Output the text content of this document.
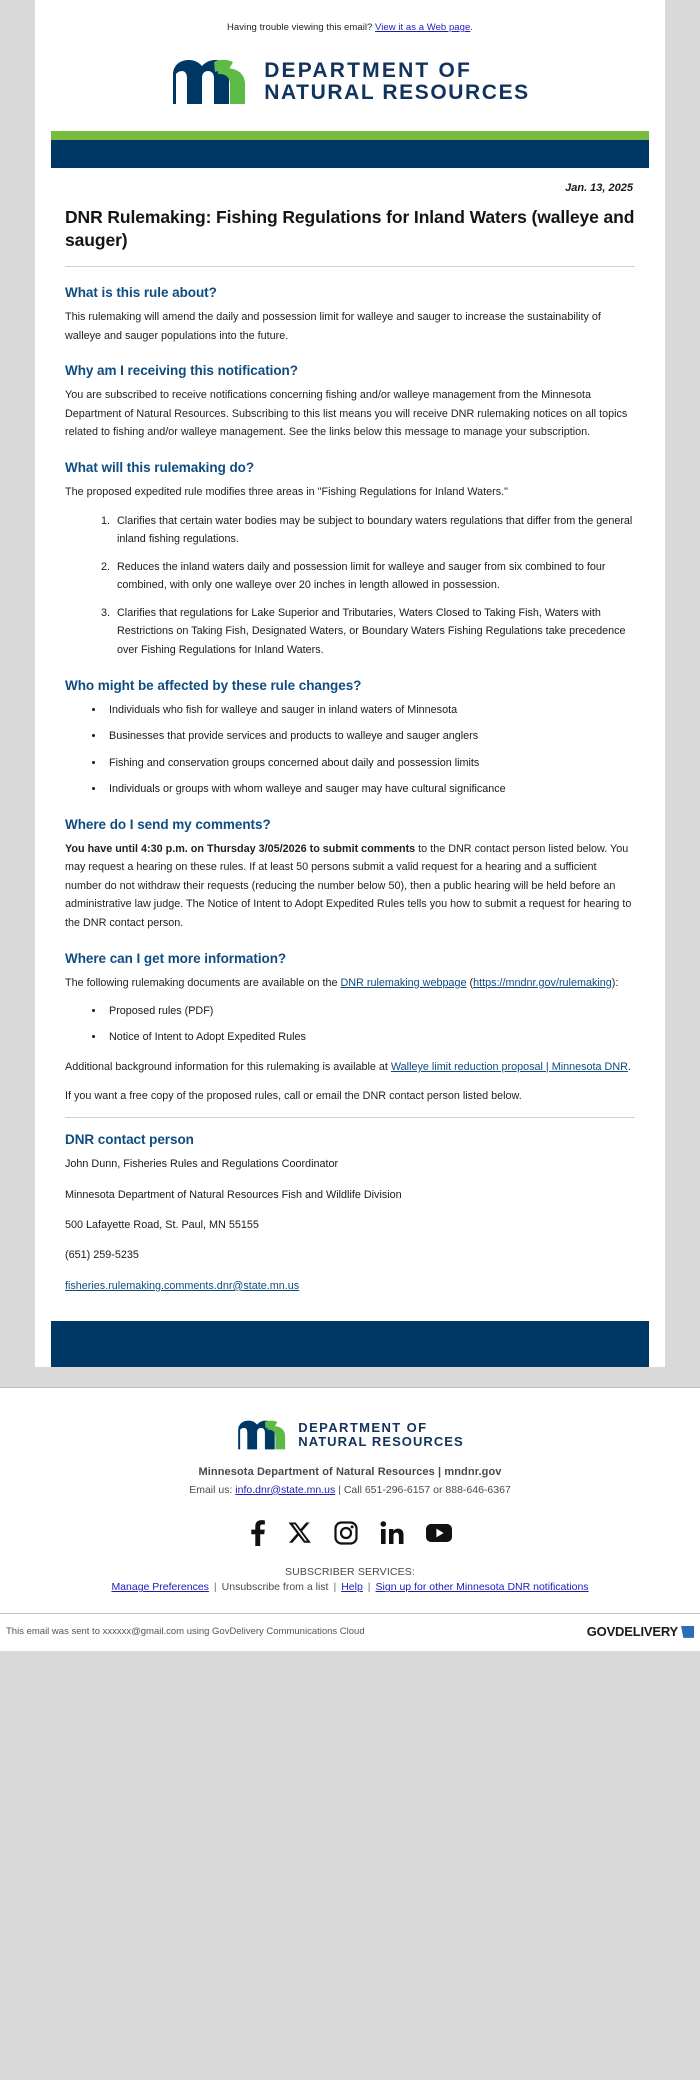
Having trouble viewing this email? View it as a Web page.
DEPARTMENT OF
NATURAL RESOURCES
Jan. 13, 2025
DNR Rulemaking: Fishing Regulations for Inland Waters (walleye and sauger)
What is this rule about?

This rulemaking will amend the daily and possession limit for walleye and sauger to increase the sustainability of walleye and sauger populations into the future.

Why am I receiving this notification?

You are subscribed to receive notifications concerning fishing and/or walleye management from the Minnesota Department of Natural Resources. Subscribing to this list means you will receive DNR rulemaking notices on all topics related to fishing and/or walleye management. See the links below this message to manage your subscription.

What will this rulemaking do?

The proposed expedited rule modifies three areas in "Fishing Regulations for Inland Waters."

1. Clarifies that certain water bodies may be subject to boundary waters regulations that differ from the general inland fishing regulations.
2. Reduces the inland waters daily and possession limit for walleye and sauger from six combined to four combined, with only one walleye over 20 inches in length allowed in possession.
3. Clarifies that regulations for Lake Superior and Tributaries, Waters Closed to Taking Fish, Waters with Restrictions on Taking Fish, Designated Waters, or Boundary Waters Fishing Regulations take precedence over Fishing Regulations for Inland Waters.
Who might be affected by these rule changes?
• Individuals who fish for walleye and sauger in inland waters of Minnesota
• Businesses that provide services and products to walleye and sauger anglers
• Fishing and conservation groups concerned about daily and possession limits
• Individuals or groups with whom walleye and sauger may have cultural significance
Where do I send my comments?

You have until 4:30 p.m. on Thursday 3/05/2026 to submit comments to the DNR contact person listed below. You may request a hearing on these rules. If at least 50 persons submit a valid request for a hearing and a sufficient number do not withdraw their requests (reducing the number below 50), then a public hearing will be held before an administrative law judge. The Notice of Intent to Adopt Expedited Rules tells you how to submit a request for hearing to the DNR contact person.

Where can I get more information?

The following rulemaking documents are available on the DNR rulemaking webpage (https://mndnr.gov/rulemaking):

• Proposed rules (PDF)
• Notice of Intent to Adopt Expedited Rules

Additional background information for this rulemaking is available at Walleye limit reduction proposal | Minnesota DNR.

If you want a free copy of the proposed rules, call or email the DNR contact person listed below.

DNR contact person

John Dunn, Fisheries Rules and Regulations Coordinator

Minnesota Department of Natural Resources Fish and Wildlife Division

500 Lafayette Road, St. Paul, MN 55155

(651) 259-5235

fisheries.rulemaking.comments.dnr@state.mn.us

DEPARTMENT OF
NATURAL RESOURCES
Minnesota Department of Natural Resources | mndnr.gov
Email us: info.dnr@state.mn.us | Call 651-296-6157 or 888-646-6367
SUBSCRIBER SERVICES:
Manage Preferences | Unsubscribe from a list | Help | Sign up for other Minnesota DNR notifications
This email was sent to xxxxxx@gmail.com using GovDelivery Communications Cloud	GOVDELIVERY
